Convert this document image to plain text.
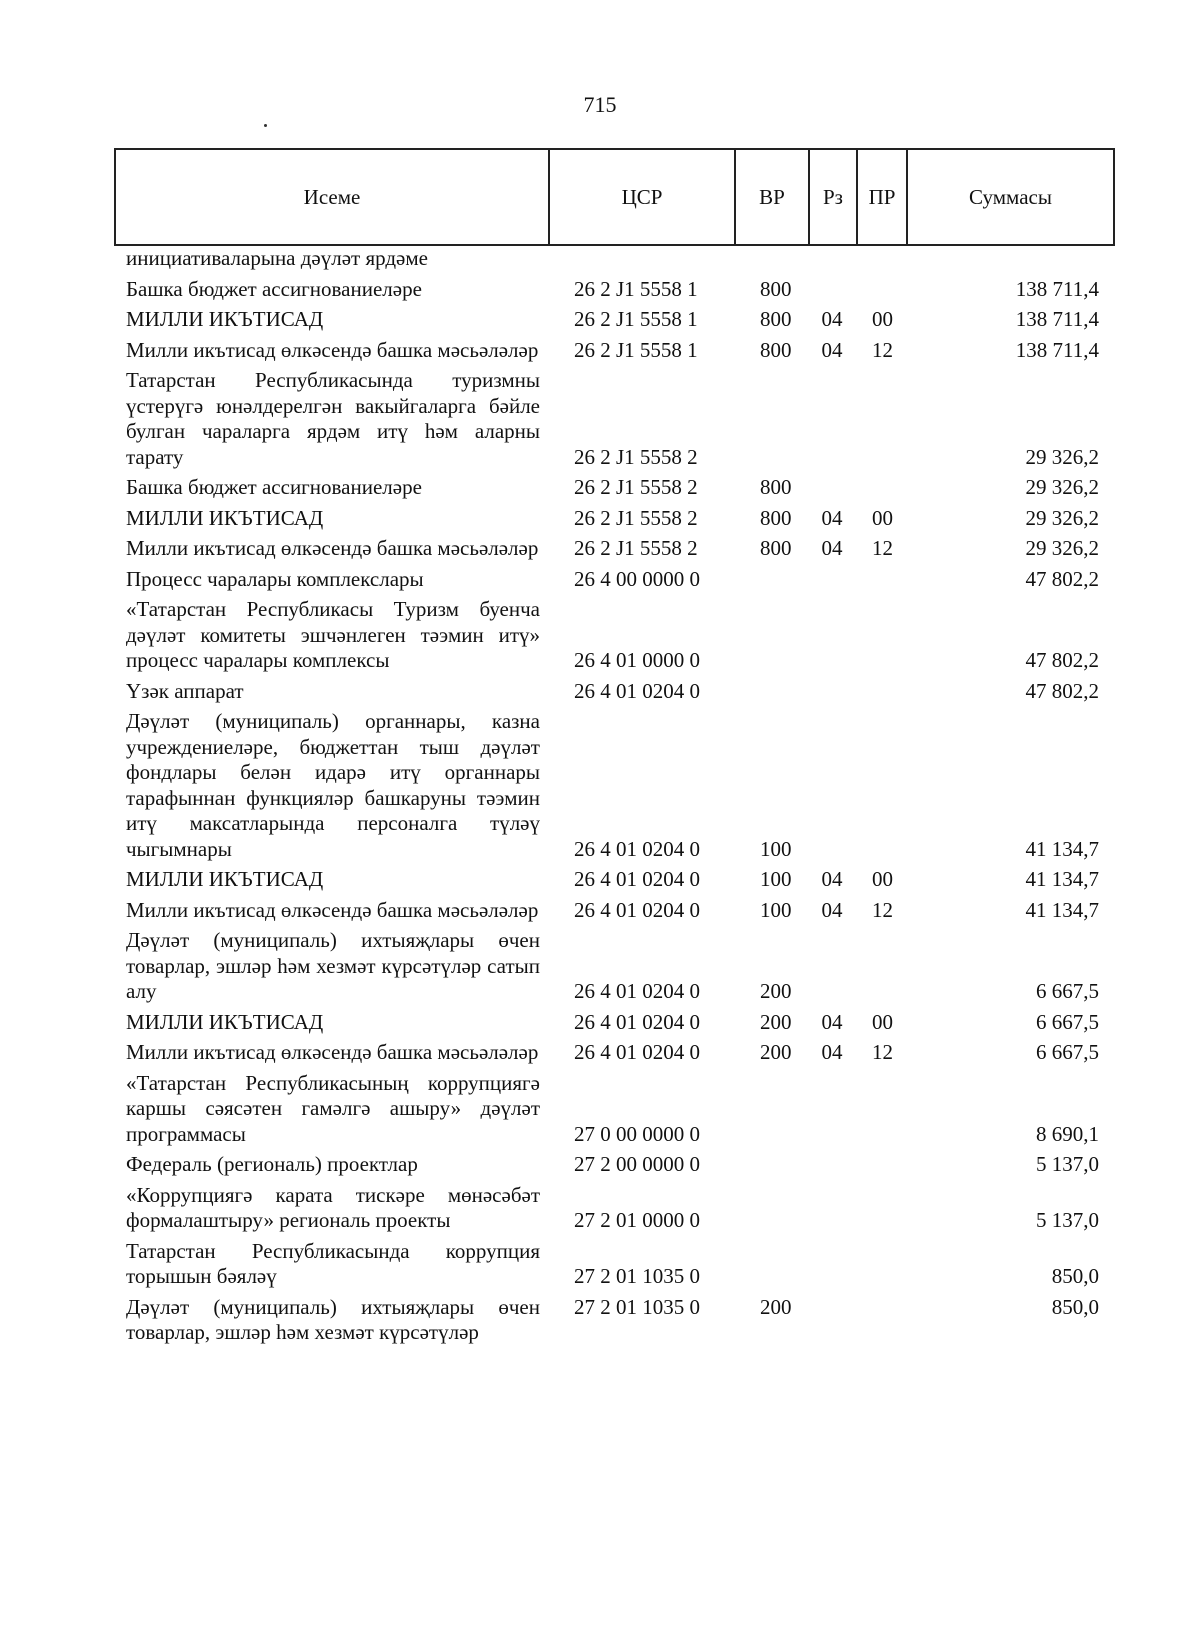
715
Исеме	ЦСР	ВР	Рз	ПР	Суммасы
инициативаларына дәүләт ярдәме					
Башка бюджет ассигнованиеләре	26 2 J1 5558 1	800			138 711,4
МИЛЛИ ИКЪТИСАД	26 2 J1 5558 1	800	04	00	138 711,4
Милли икътисад өлкәсендә башка мәсьәләләр	26 2 J1 5558 1	800	04	12	138 711,4
Татарстан Республикасында туризмны үстерүгә юнәлдерелгән вакыйгаларга бәйле булган чараларга ярдәм итү һәм аларны тарату	26 2 J1 5558 2				29 326,2
Башка бюджет ассигнованиеләре	26 2 J1 5558 2	800			29 326,2
МИЛЛИ ИКЪТИСАД	26 2 J1 5558 2	800	04	00	29 326,2
Милли икътисад өлкәсендә башка мәсьәләләр	26 2 J1 5558 2	800	04	12	29 326,2
Процесс чаралары комплекслары	26 4 00 0000 0				47 802,2
«Татарстан Республикасы Туризм буенча дәүләт комитеты эшчәнлеген тәэмин итү» процесс чаралары комплексы	26 4 01 0000 0				47 802,2
Үзәк аппарат	26 4 01 0204 0				47 802,2
Дәүләт (муниципаль) органнары, казна учреждениеләре, бюджеттан тыш дәүләт фондлары белән идарә итү органнары тарафыннан функцияләр башкаруны тәэмин итү максатларында персоналга түләү чыгымнары	26 4 01 0204 0	100			41 134,7
МИЛЛИ ИКЪТИСАД	26 4 01 0204 0	100	04	00	41 134,7
Милли икътисад өлкәсендә башка мәсьәләләр	26 4 01 0204 0	100	04	12	41 134,7
Дәүләт (муниципаль) ихтыяҗлары өчен товарлар, эшләр һәм хезмәт күрсәтүләр сатып алу	26 4 01 0204 0	200			6 667,5
МИЛЛИ ИКЪТИСАД	26 4 01 0204 0	200	04	00	6 667,5
Милли икътисад өлкәсендә башка мәсьәләләр	26 4 01 0204 0	200	04	12	6 667,5
«Татарстан Республикасының коррупциягә каршы сәясәтен гамәлгә ашыру» дәүләт программасы	27 0 00 0000 0				8 690,1
Федераль (региональ) проектлар	27 2 00 0000 0				5 137,0
«Коррупциягә карата тискәре мөнәсәбәт формалаштыру» региональ проекты	27 2 01 0000 0				5 137,0
Татарстан Республикасында коррупция торышын бәяләү	27 2 01 1035 0				850,0
Дәүләт (муниципаль) ихтыяҗлары өчен товарлар, эшләр һәм хезмәт күрсәтүләр	27 2 01 1035 0	200			850,0
